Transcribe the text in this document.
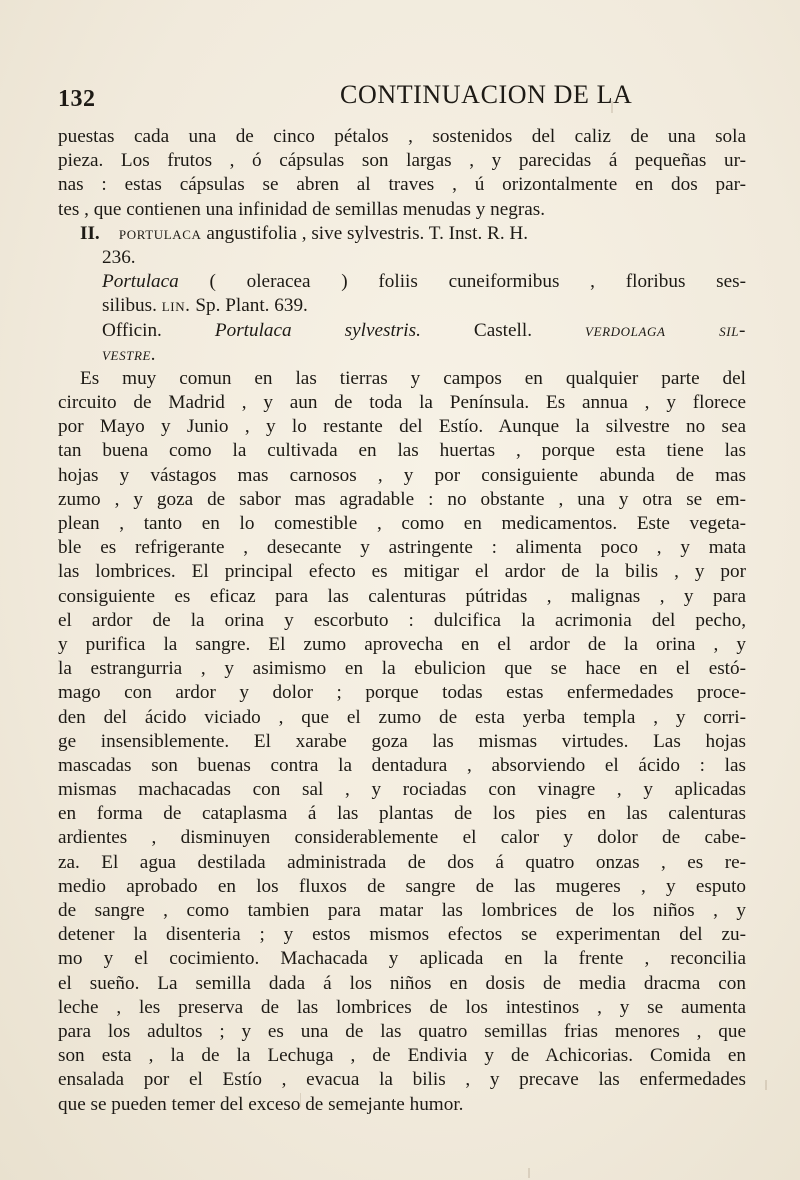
132	CONTINUACION DE LA
puestas cada una de cinco pétalos , sostenidos del caliz de una sola
pieza. Los frutos , ó cápsulas son largas , y parecidas á pequeñas ur-
nas : estas cápsulas se abren al traves , ú orizontalmente en dos par-
tes , que contienen una infinidad de semillas menudas y negras.
II. portulaca angustifolia , sive sylvestris. T. Inst. R. H.
236.
Portulaca ( oleracea ) foliis cuneiformibus , floribus ses-
silibus. lin. Sp. Plant. 639.
Officin. Portulaca sylvestris. Castell. verdolaga sil-
vestre.
Es muy comun en las tierras y campos en qualquier parte del
circuito de Madrid , y aun de toda la Península. Es annua , y florece
por Mayo y Junio , y lo restante del Estío. Aunque la silvestre no sea
tan buena como la cultivada en las huertas , porque esta tiene las
hojas y vástagos mas carnosos , y por consiguiente abunda de mas
zumo , y goza de sabor mas agradable : no obstante , una y otra se em-
plean , tanto en lo comestible , como en medicamentos. Este vegeta-
ble es refrigerante , desecante y astringente : alimenta poco , y mata
las lombrices. El principal efecto es mitigar el ardor de la bilis , y por
consiguiente es eficaz para las calenturas pútridas , malignas , y para
el ardor de la orina y escorbuto : dulcifica la acrimonia del pecho,
y purifica la sangre. El zumo aprovecha en el ardor de la orina , y
la estrangurria , y asimismo en la ebulicion que se hace en el estó-
mago con ardor y dolor ; porque todas estas enfermedades proce-
den del ácido viciado , que el zumo de esta yerba templa , y corri-
ge insensiblemente. El xarabe goza las mismas virtudes. Las hojas
mascadas son buenas contra la dentadura , absorviendo el ácido : las
mismas machacadas con sal , y rociadas con vinagre , y aplicadas
en forma de cataplasma á las plantas de los pies en las calenturas
ardientes , disminuyen considerablemente el calor y dolor de cabe-
za. El agua destilada administrada de dos á quatro onzas , es re-
medio aprobado en los fluxos de sangre de las mugeres , y esputo
de sangre , como tambien para matar las lombrices de los niños , y
detener la disenteria ; y estos mismos efectos se experimentan del zu-
mo y el cocimiento. Machacada y aplicada en la frente , reconcilia
el sueño. La semilla dada á los niños en dosis de media dracma con
leche , les preserva de las lombrices de los intestinos , y se aumenta
para los adultos ; y es una de las quatro semillas frias menores , que
son esta , la de la Lechuga , de Endivia y de Achicorias. Comida en
ensalada por el Estío , evacua la bilis , y precave las enfermedades
que se pueden temer del exceso de semejante humor.
